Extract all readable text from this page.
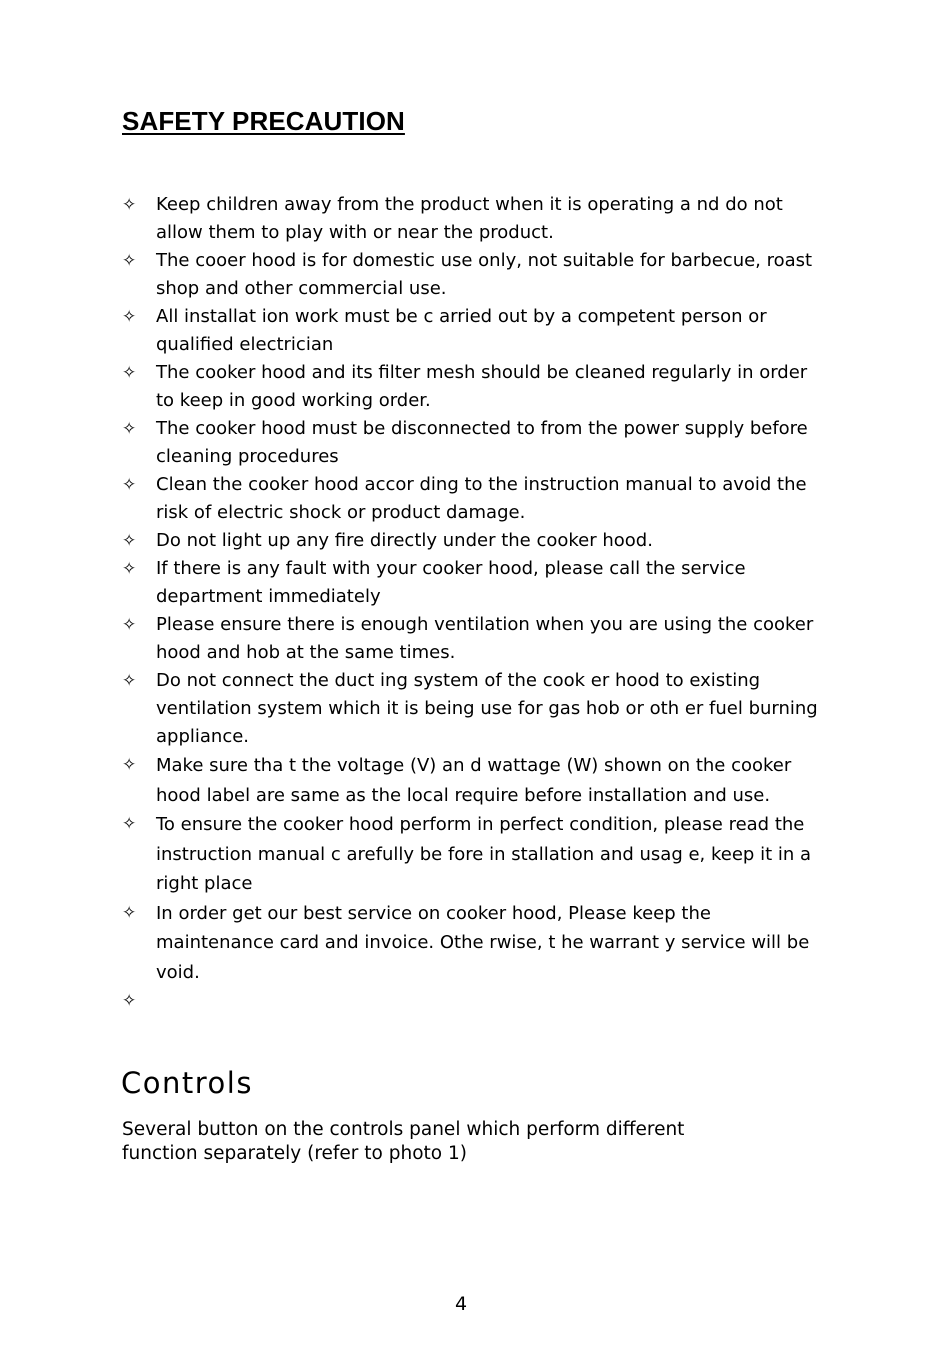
SAFETY PRECAUTION
✧	Keep children away from the product when it is operating a nd do not allow them to play with or near the product.
✧	The cooer hood is for domestic use only, not suitable for barbecue, roast shop and other commercial use.
✧	All installat ion work must be c arried out by a competent person or qualified electrician
✧	The cooker hood and its filter mesh should be cleaned regularly in order to keep in good working order.
✧	The cooker hood must be disconnected to from the power supply before cleaning procedures
✧	Clean the cooker hood accor ding to the instruction manual to avoid the risk of electric shock or product damage.
✧	Do not light up any fire directly under the cooker hood.
✧	If there is any fault with your cooker hood, please call the service department immediately
✧	Please ensure there is enough ventilation when you are using the cooker hood and hob at the same times.
✧	Do not connect the duct ing system of the cook er hood to existing ventilation system which it is being use for gas hob or oth er fuel burning appliance.
✧	Make sure tha t the voltage (V) an d wattage (W) shown on the cooker hood label are same as the local require before installation and use.
✧	To ensure the cooker hood perform in perfect condition, please read the instruction manual c arefully be fore in stallation and usag e, keep it in a right place
✧	In order get our best service on cooker hood, Please keep the maintenance card and invoice. Othe rwise, t he warrant y service will be void.
✧

Controls

Several button on the controls panel which perform different function separately (refer to photo 1)

4
